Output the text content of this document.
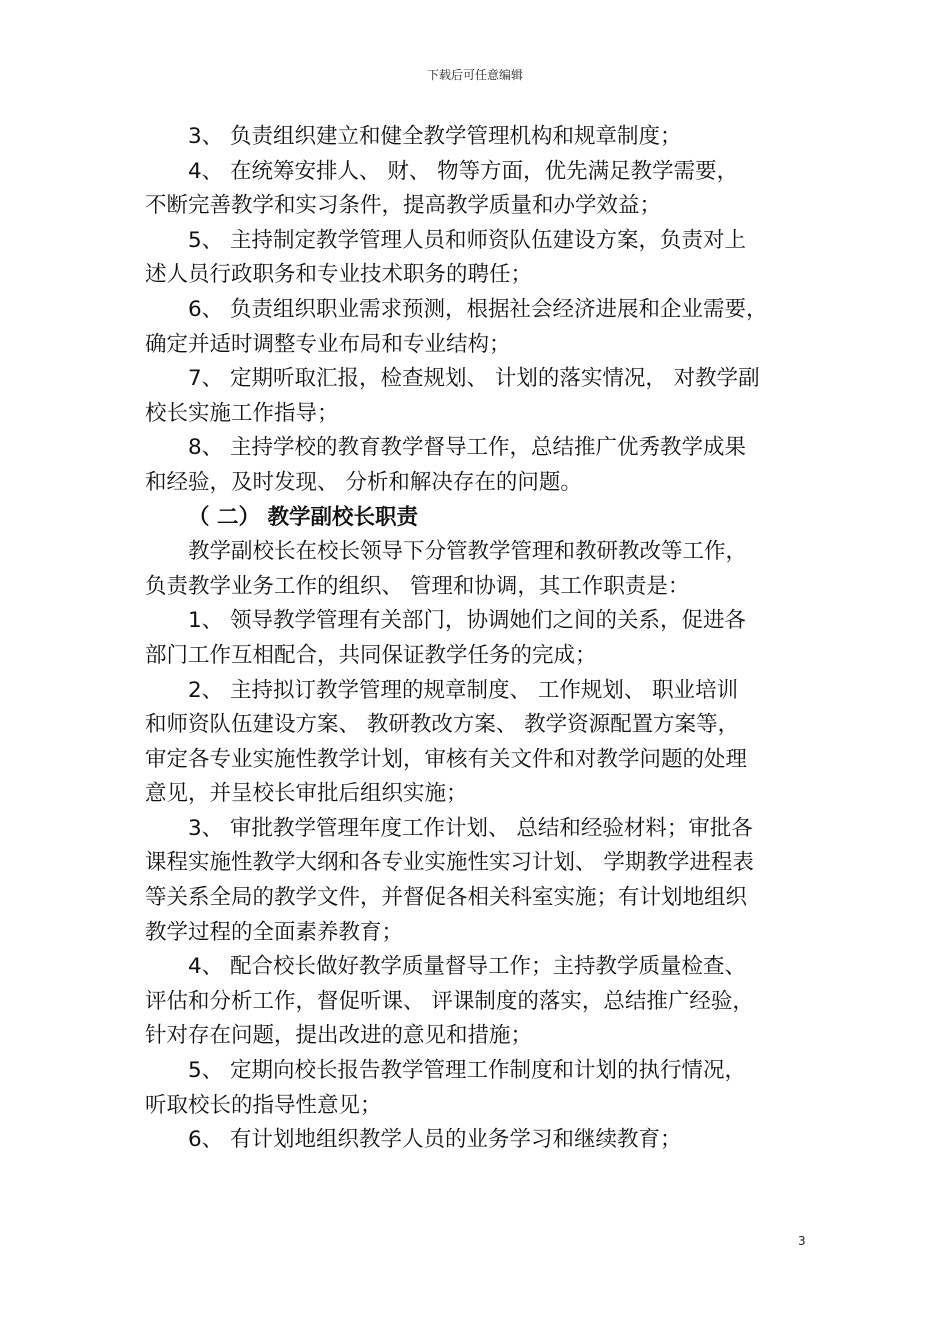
下载后可任意编辑
3、 负责组织建立和健全教学管理机构和规章制度；
4、 在统筹安排人、 财、 物等方面，优先满足教学需要，
不断完善教学和实习条件，提高教学质量和办学效益；
5、 主持制定教学管理人员和师资队伍建设方案，负责对上
述人员行政职务和专业技术职务的聘任；
6、 负责组织职业需求预测，根据社会经济进展和企业需要，
确定并适时调整专业布局和专业结构；
7、 定期听取汇报，检查规划、 计划的落实情况， 对教学副
校长实施工作指导；
8、 主持学校的教育教学督导工作，总结推广优秀教学成果
和经验，及时发现、 分析和解决存在的问题。
（ 二） 教学副校长职责
教学副校长在校长领导下分管教学管理和教研教改等工作，
负责教学业务工作的组织、 管理和协调，其工作职责是：
1、 领导教学管理有关部门，协调她们之间的关系，促进各
部门工作互相配合，共同保证教学任务的完成；
2、 主持拟订教学管理的规章制度、 工作规划、 职业培训
和师资队伍建设方案、 教研教改方案、 教学资源配置方案等，
审定各专业实施性教学计划，审核有关文件和对教学问题的处理
意见，并呈校长审批后组织实施；
3、 审批教学管理年度工作计划、 总结和经验材料；审批各
课程实施性教学大纲和各专业实施性实习计划、 学期教学进程表
等关系全局的教学文件，并督促各相关科室实施；有计划地组织
教学过程的全面素养教育；
4、 配合校长做好教学质量督导工作；主持教学质量检查、
评估和分析工作，督促听课、 评课制度的落实，总结推广经验，
针对存在问题，提出改进的意见和措施；
5、 定期向校长报告教学管理工作制度和计划的执行情况，
听取校长的指导性意见；
6、 有计划地组织教学人员的业务学习和继续教育；
3
